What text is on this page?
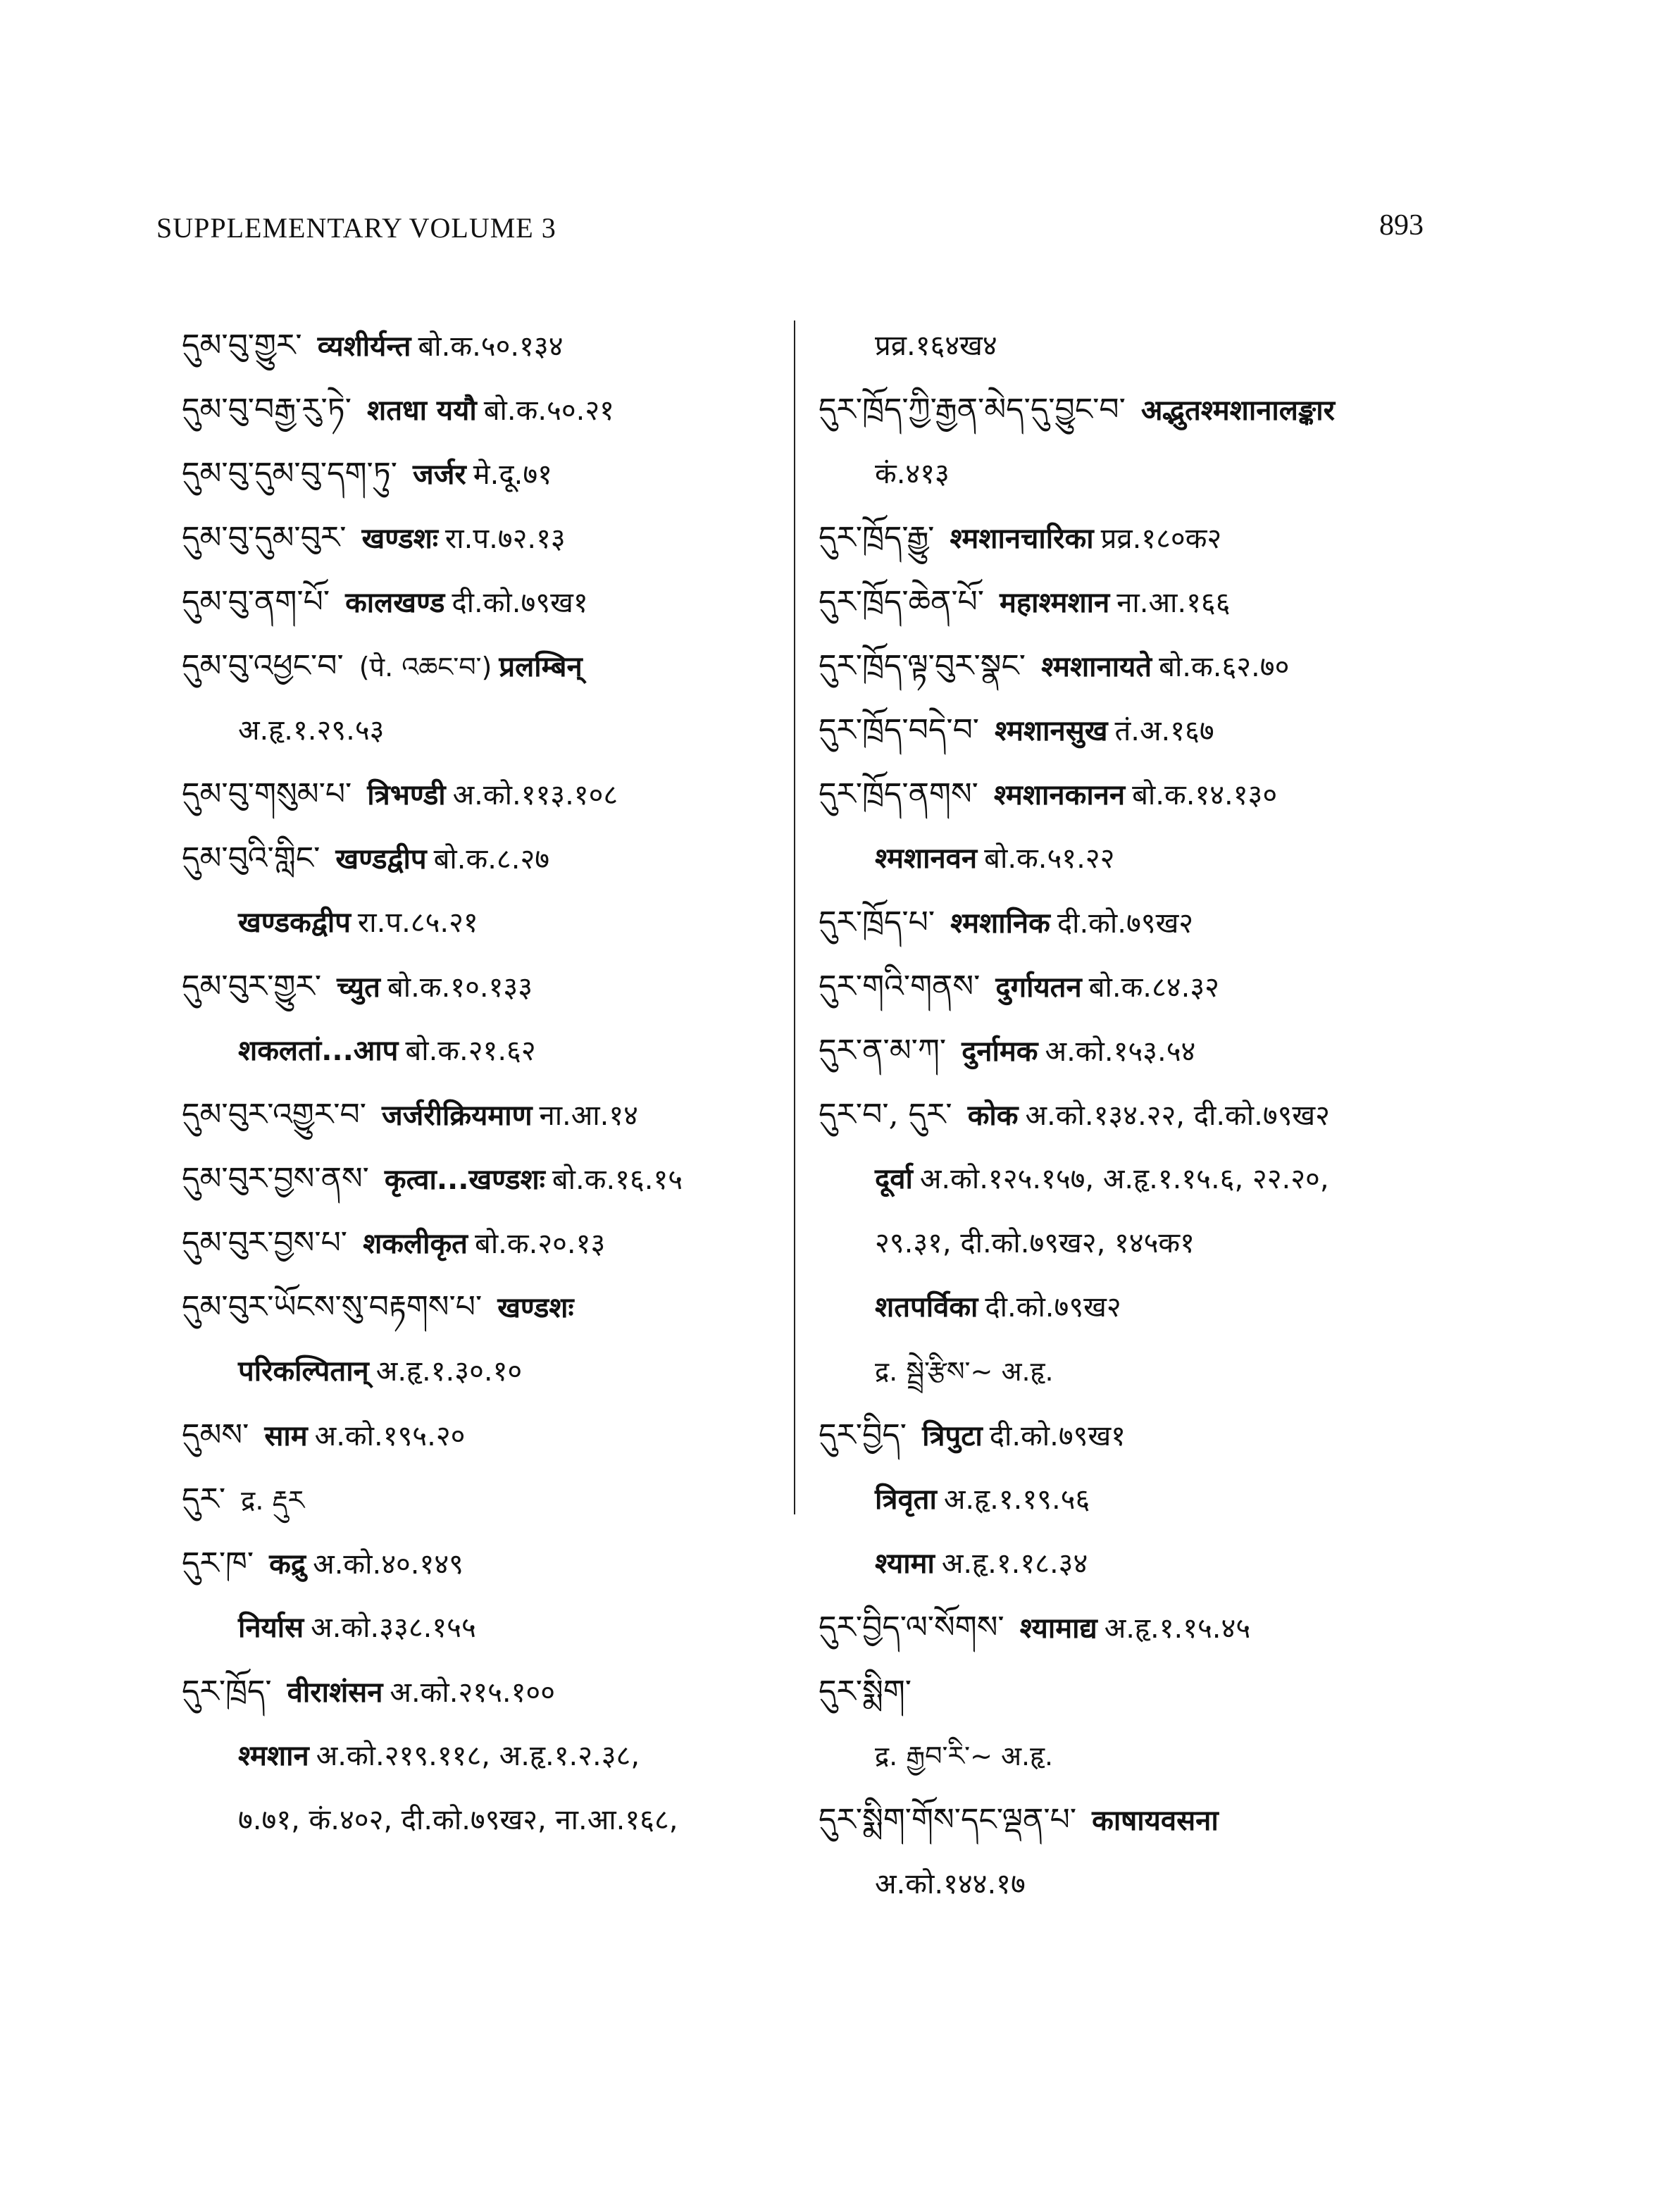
SUPPLEMENTARY VOLUME 3	893
དུམ་བུ་གྱུར་ व्यशीर्यन्त बो.क.५०.१३४
དུམ་བུ་བརྒྱ་རུ་ཏེ་ शतधा ययौ बो.क.५०.२१
དུམ་བུ་དུམ་བུ་དག་ཏུ་ जर्जर मे.दू.७१
དུམ་བུ་དུམ་བུར་ खण्डशः रा.प.७२.१३
དུམ་བུ་ནག་པོ་ कालखण्ड दी.को.७९ख१
དུམ་བུ་འཕྱང་བ་ (पे. འཆང་བ་) प्रलम्बिन्
अ.हृ.१.२९.५३
དུམ་བུ་གསུམ་པ་ त्रिभण्डी अ.को.११३.१०८
དུམ་བུའི་གླིང་ खण्डद्वीप बो.क.८.२७
खण्डकद्वीप रा.प.८५.२१
དུམ་བུར་གྱུར་ च्युत बो.क.१०.१३३
शकलतां...आप बो.क.२१.६२
དུམ་བུར་འགྱུར་བ་ जर्जरीक्रियमाण ना.आ.१४
དུམ་བུར་བྱས་ནས་ कृत्वा...खण्डशः बो.क.१६.१५
དུམ་བུར་བྱས་པ་ शकलीकृत बो.क.२०.१३
དུམ་བུར་ཡོངས་སུ་བརྟགས་པ་ खण्डशः
परिकल्पितान् अ.हृ.१.३०.१०
དུམས་ साम अ.को.१९५.२०
དུར་ द्र. རྡུར
དུར་ཁ་ कद्रु अ.को.४०.१४९
निर्यास अ.को.३३८.१५५
དུར་ཁྲོད་ वीराशंसन अ.को.२१५.१००
श्मशान अ.को.२१९.११८, अ.हृ.१.२.३८,
७.७१, कं.४०२, दी.को.७९ख२, ना.आ.१६८,
प्रव्र.१६४ख४
དུར་ཁྲོད་ཀྱི་རྒྱན་མེད་དུ་བྱུང་བ་ अद्भुतश्मशानालङ्कार
कं.४१३
དུར་ཁྲོད་རྒྱུ་ श्मशानचारिका प्रव्र.१८०क२
དུར་ཁྲོད་ཆེན་པོ་ महाश्मशान ना.आ.१६६
དུར་ཁྲོད་ལྟ་བུར་སྣང་ श्मशानायते बो.क.६२.७०
དུར་ཁྲོད་བདེ་བ་ श्मशानसुख तं.अ.१६७
དུར་ཁྲོད་ནགས་ श्मशानकानन बो.क.१४.१३०
श्मशानवन बो.क.५१.२२
དུར་ཁྲོད་པ་ श्मशानिक दी.को.७९ख२
དུར་གའི་གནས་ दुर्गायतन बो.क.८४.३२
དུར་ན་མ་ཀ་ दुर्नामक अ.को.१५३.५४
དུར་བ་, དུར་ कोक अ.को.१३४.२२, दी.को.७९ख२
दूर्वा अ.को.१२५.१५७, अ.हृ.१.१५.६, २२.२०,
२९.३१, दी.को.७९ख२, १४५क१
शतपर्विका दी.को.७९ख२
द्र. སྦྲེ་རྩིས་~ अ.हृ.
དུར་བྱིད་ त्रिपुटा दी.को.७९ख१
त्रिवृता अ.हृ.१.१९.५६
श्यामा अ.हृ.१.१८.३४
དུར་བྱིད་ལ་སོགས་ श्यामाद्य अ.हृ.१.१५.४५
དུར་སྨིག་
द्र. རྒྱབ་རི་~ अ.हृ.
དུར་སྨིག་གོས་དང་ལྡན་པ་ काषायवसना
अ.को.१४४.१७
